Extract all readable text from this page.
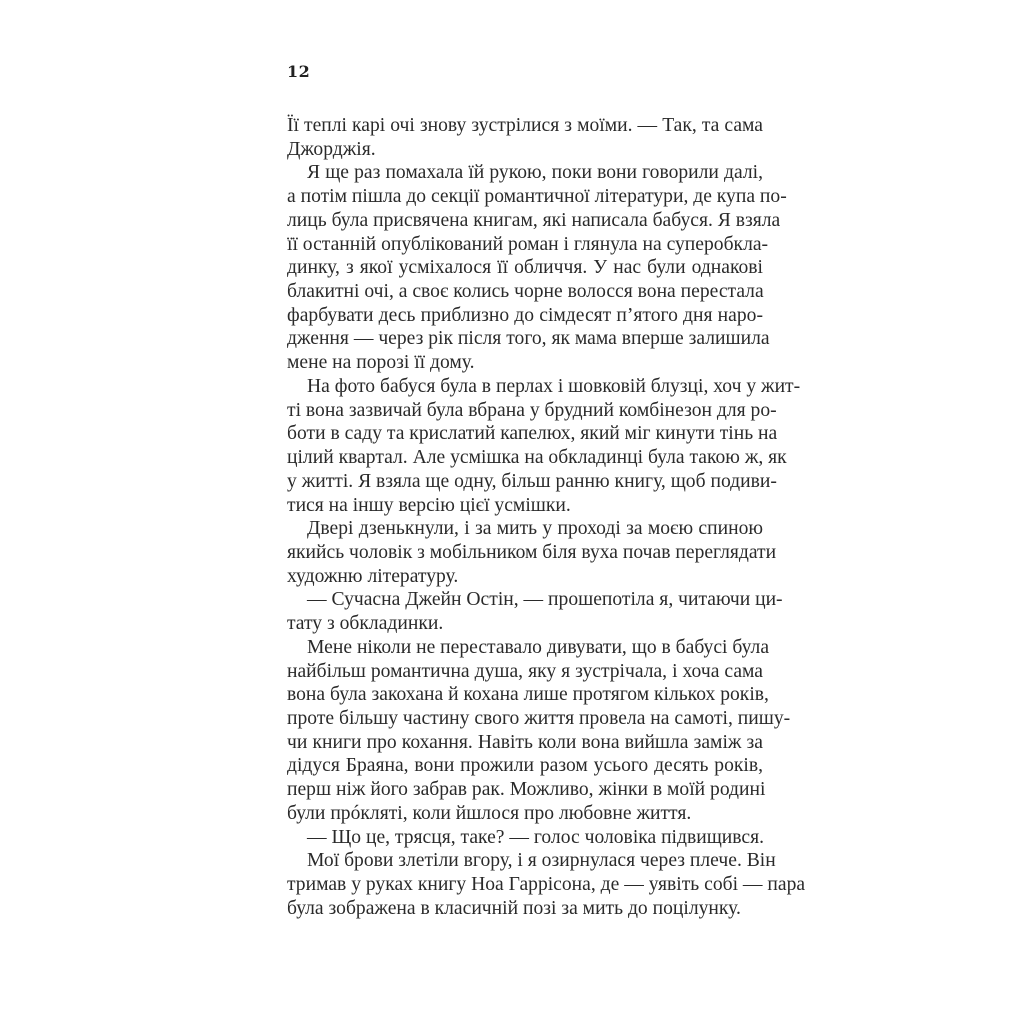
12
Її теплі карі очі знову зустрілися з моїми. — Так, та сама
Джорджія.
Я ще раз помахала їй рукою, поки вони говорили далі,
а потім пішла до секції романтичної літератури, де купа по-
лиць була присвячена книгам, які написала бабуся. Я взяла
її останній опублікований роман і глянула на суперобкла-
динку, з якої усміхалося її обличчя. У нас були однакові
блакитні очі, а своє колись чорне волосся вона перестала
фарбувати десь приблизно до сімдесят п’ятого дня наро-
дження — через рік після того, як мама вперше залишила
мене на порозі її дому.
На фото бабуся була в перлах і шовковій блузці, хоч у жит-
ті вона зазвичай була вбрана у брудний комбінезон для ро-
боти в саду та крислатий капелюх, який міг кинути тінь на
цілий квартал. Але усмішка на обкладинці була такою ж, як
у житті. Я взяла ще одну, більш ранню книгу, щоб подиви-
тися на іншу версію цієї усмішки.
Двері дзенькнули, і за мить у проході за моєю спиною
якийсь чоловік з мобільником біля вуха почав переглядати
художню літературу.
— Сучасна Джейн Остін, — прошепотіла я, читаючи ци-
тату з обкладинки.
Мене ніколи не переставало дивувати, що в бабусі була
найбільш романтична душа, яку я зустрічала, і хоча сама
вона була закохана й кохана лише протягом кількох років,
проте більшу частину свого життя провела на самоті, пишу-
чи книги про кохання. Навіть коли вона вийшла заміж за
дідуся Браяна, вони прожили разом усього десять років,
перш ніж його забрав рак. Можливо, жінки в моїй родині
були прóкляті, коли йшлося про любовне життя.
— Що це, трясця, таке? — голос чоловіка підвищився.
Мої брови злетіли вгору, і я озирнулася через плече. Він
тримав у руках книгу Ноа Гаррісона, де — уявіть собі — пара
була зображена в класичній позі за мить до поцілунку.
